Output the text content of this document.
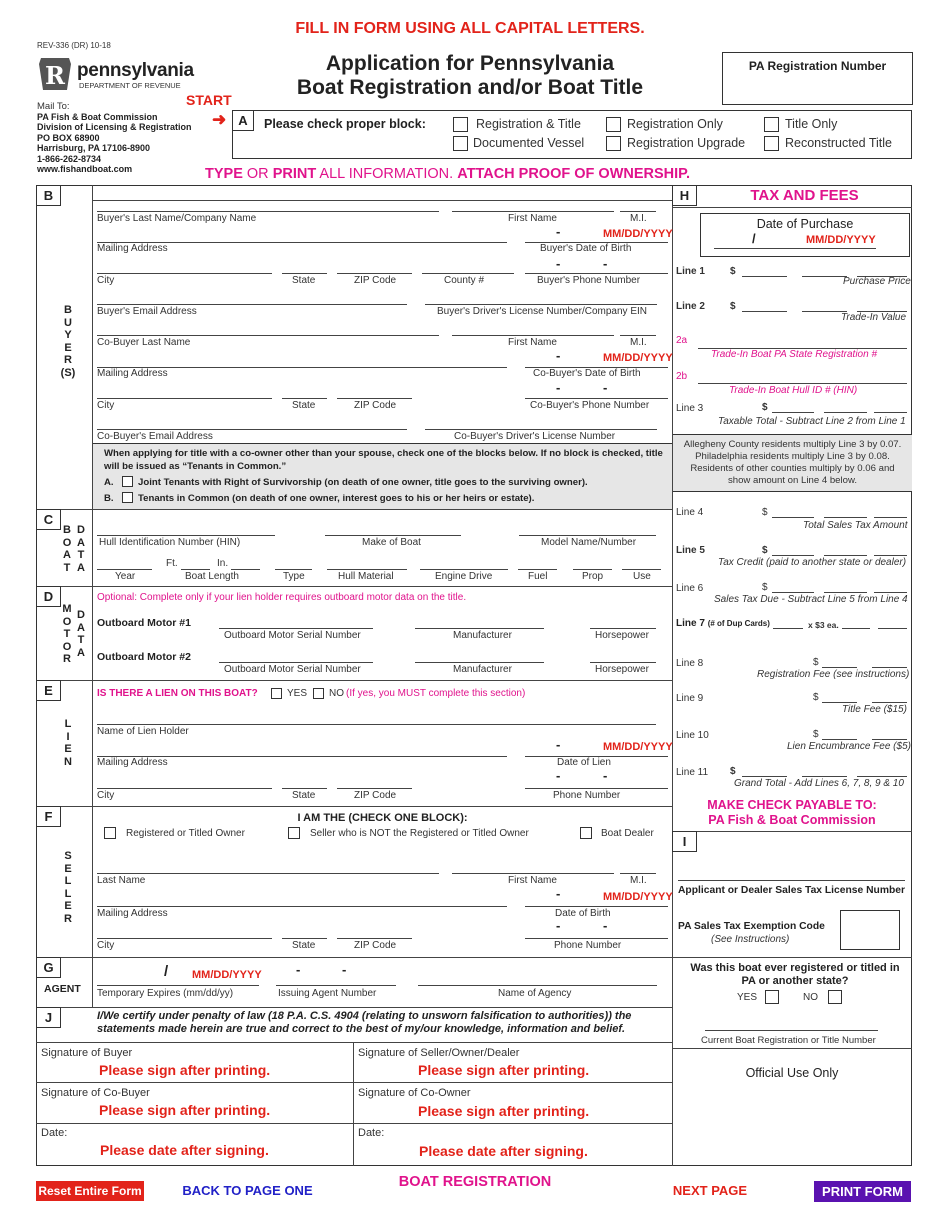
FILL IN FORM USING ALL CAPITAL LETTERS.
REV-336 (DR) 10-18
R pennsylvania
DEPARTMENT OF REVENUE
Application for Pennsylvania
Boat Registration and/or Boat Title
PA Registration Number
Mail To:
PA Fish & Boat Commission
Division of Licensing & Registration
PO BOX 68900
Harrisburg, PA 17106-8900
1-866-262-8734
www.fishandboat.com
START
➜ A	Please check proper block:	Registration & Title	Registration Only	Title Only
Documented Vessel	Registration Upgrade	Reconstructed Title
TYPE OR PRINT ALL INFORMATION. ATTACH PROOF OF OWNERSHIP.
B
B
U
Y
E
R
(S)
Buyer's Last Name/Company Name	First Name	M.I.
-	MM/DD/YYYY
Mailing Address	Buyer's Date of Birth
-	-
City	State	ZIP Code	County #	Buyer's Phone Number
Buyer's Email Address	Buyer's Driver's License Number/Company EIN
Co-Buyer Last Name	First Name	M.I.
-	MM/DD/YYYY
Mailing Address	Co-Buyer's Date of Birth
-	-
City	State	ZIP Code	Co-Buyer's Phone Number
Co-Buyer's Email Address	Co-Buyer's Driver's License Number
When applying for title with a co-owner other than your spouse, check one of the blocks below. If no block is checked, title will be issued as “Tenants in Common.”
A.	Joint Tenants with Right of Survivorship (on death of one owner, title goes to the surviving owner).
B.	Tenants in Common (on death of one owner, interest goes to his or her heirs or estate).
C
B
O
A
T
D
A
T
A
Hull Identification Number (HIN)	Make of Boat	Model Name/Number
Ft.	In.
Year	Boat Length	Type	Hull Material	Engine Drive	Fuel	Prop	Use
D
M
O
T
O
R
D
A
T
A
Optional: Complete only if your lien holder requires outboard motor data on the title.
Outboard Motor #1
Outboard Motor Serial Number	Manufacturer	Horsepower
Outboard Motor #2
Outboard Motor Serial Number	Manufacturer	Horsepower
E
L
I
E
N
IS THERE A LIEN ON THIS BOAT?	YES NO (If yes, you MUST complete this section)
Name of Lien Holder
-	MM/DD/YYYY
Mailing Address	Date of Lien
-	-
City	State	ZIP Code	Phone Number
F
S
E
L
L
E
R
I AM THE (CHECK ONE BLOCK):
Registered or Titled Owner	Seller who is NOT the Registered or Titled Owner	Boat Dealer
Last Name	First Name	M.I.
-	MM/DD/YYYY
Mailing Address	Date of Birth
-	-
City	State	ZIP Code	Phone Number
G
AGENT
/ MM/DD/YYYY	-	-
Temporary Expires (mm/dd/yy)	Issuing Agent Number	Name of Agency
J	I/We certify under penalty of law (18 P.A. C.S. 4904 (relating to unsworn falsification to authorities)) the statements made herein are true and correct to the best of my/our knowledge, information and belief.
Signature of Buyer
Please sign after printing.
Signature of Seller/Owner/Dealer
Please sign after printing.
Signature of Co-Buyer
Please sign after printing.
Signature of Co-Owner
Please sign after printing.
Date:
Please date after signing.
Date:
Please date after signing.
H	TAX AND FEES
Date of Purchase
/	MM/DD/YYYY
Line 1	$
Purchase Price
Line 2	$
Trade-In Value
2a
Trade-In Boat PA State Registration #
2b
Trade-In Boat Hull ID # (HIN)
Line 3	$
Taxable Total - Subtract Line 2 from Line 1
Allegheny County residents multiply Line 3 by 0.07. Philadelphia residents multiply Line 3 by 0.08. Residents of other counties multiply by 0.06 and show amount on Line 4 below.
Line 4	$
Total Sales Tax Amount
Line 5	$
Tax Credit (paid to another state or dealer)
Line 6	$
Sales Tax Due - Subtract Line 5 from Line 4
Line 7 (# of Dup Cards)	x $3 ea.
Line 8	$
Registration Fee (see instructions)
Line 9	$
Title Fee ($15)
Line 10	$
Lien Encumbrance Fee ($5)
Line 11 $
Grand Total - Add Lines 6, 7, 8, 9 & 10
MAKE CHECK PAYABLE TO:
PA Fish & Boat Commission
I
Applicant or Dealer Sales Tax License Number
PA Sales Tax Exemption Code
(See Instructions)
Was this boat ever registered or titled in PA or another state?
YES	NO
Current Boat Registration or Title Number
Official Use Only
Reset Entire Form	BACK TO PAGE ONE
BOAT REGISTRATION
NEXT PAGE	PRINT FORM
